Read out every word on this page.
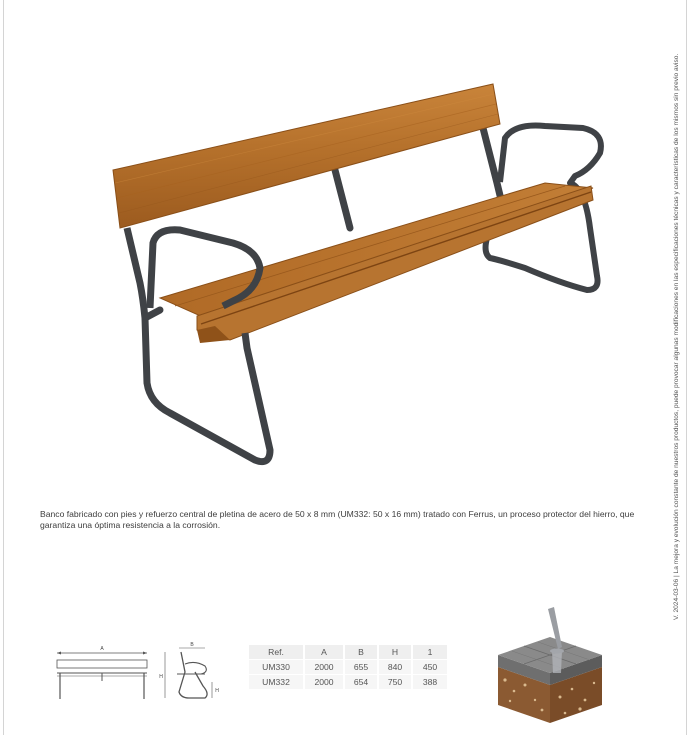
V. 2024-03-06 | La mejora y evolución constante de nuestros productos, puede provocar algunas modificaciones en las especificaciones técnicas y características de los mismos sin previo aviso.

Banco fabricado con pies y refuerzo central de pletina de acero de 50 x 8 mm (UM332: 50 x 16 mm) tratado con Ferrus, un proceso protector del hierro, que garantiza una óptima resistencia a la corrosión.

A
B
H
H
Ref.	A	B	H	1
UM330	2000	655	840	450
UM332	2000	654	750	388
